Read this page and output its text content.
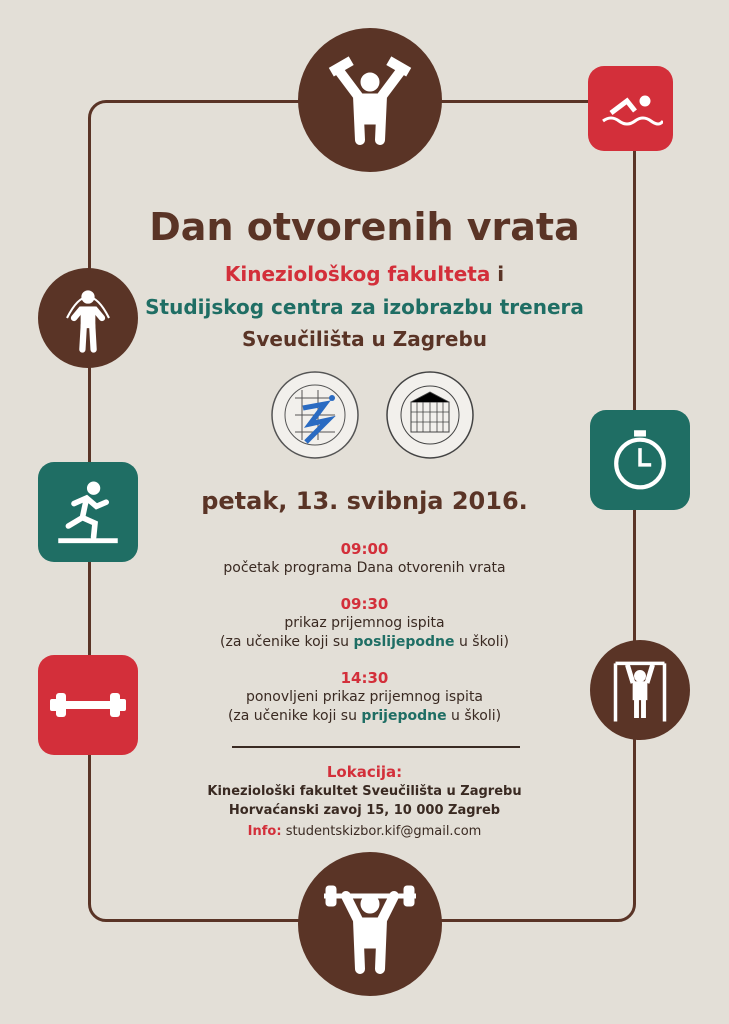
Dan otvorenih vrata
Kineziološkog fakulteta i
Studijskog centra za izobrazbu trenera
Sveučilišta u Zagrebu
petak, 13. svibnja 2016.
09:00
početak programa Dana otvorenih vrata
09:30
prikaz prijemnog ispita
(za učenike koji su poslijepodne u školi)
14:30
ponovljeni prikaz prijemnog ispita
(za učenike koji su prijepodne u školi)
Lokacija:
Kineziološki fakultet Sveučilišta u Zagrebu
Horvaćanski zavoj 15, 10 000 Zagreb
Info: studentskizbor.kif@gmail.com
